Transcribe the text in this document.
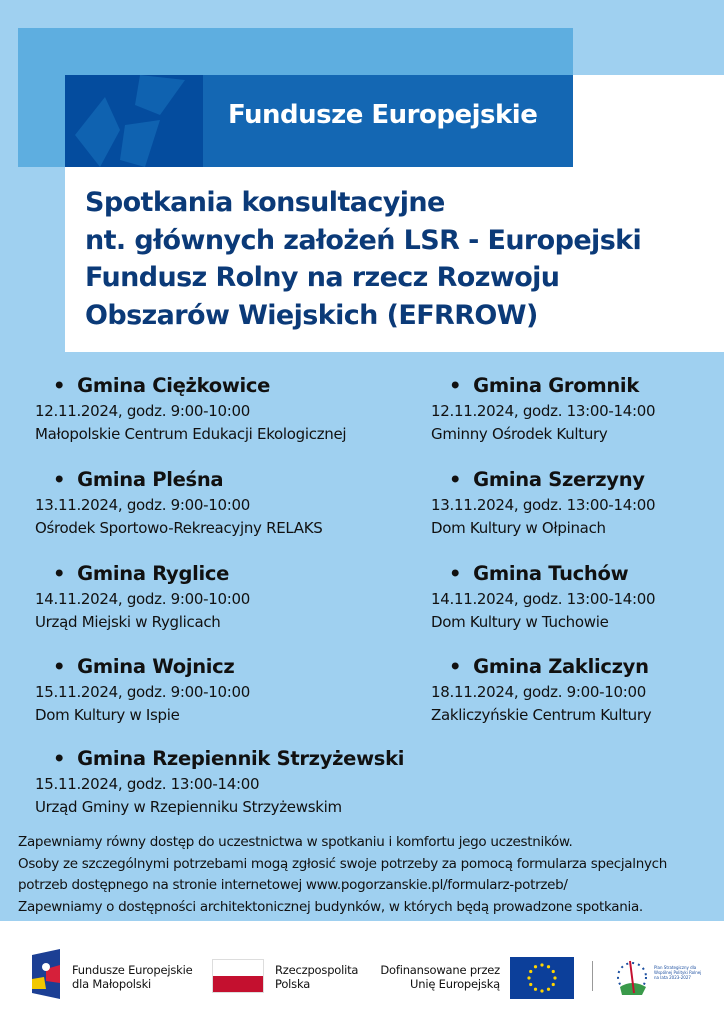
Fundusze Europejskie
Spotkania konsultacyjne
nt. głównych założeń LSR - Europejski
Fundusz Rolny na rzecz Rozwoju
Obszarów Wiejskich (EFRROW)
• Gmina Ciężkowice

12.11.2024, godz. 9:00-10:00

Małopolskie Centrum Edukacji Ekologicznej

• Gmina Gromnik

12.11.2024, godz. 13:00-14:00

Gminny Ośrodek Kultury

• Gmina Pleśna

13.11.2024, godz. 9:00-10:00

Ośrodek Sportowo-Rekreacyjny RELAKS

• Gmina Szerzyny

13.11.2024, godz. 13:00-14:00

Dom Kultury w Ołpinach

• Gmina Ryglice

14.11.2024, godz. 9:00-10:00

Urząd Miejski w Ryglicach

• Gmina Tuchów

14.11.2024, godz. 13:00-14:00

Dom Kultury w Tuchowie

• Gmina Wojnicz

15.11.2024, godz. 9:00-10:00

Dom Kultury w Ispie

• Gmina Zakliczyn

18.11.2024, godz. 9:00-10:00

Zakliczyńskie Centrum Kultury

• Gmina Rzepiennik Strzyżewski

15.11.2024, godz. 13:00-14:00

Urząd Gminy w Rzepienniku Strzyżewskim

Zapewniamy równy dostęp do uczestnictwa w spotkaniu i komfortu jego uczestników.
Osoby ze szczególnymi potrzebami mogą zgłosić swoje potrzeby za pomocą formularza specjalnych
potrzeb dostępnego na stronie internetowej www.pogorzanskie.pl/formularz-potrzeb/
Zapewniamy o dostępności architektonicznej budynków, w których będą prowadzone spotkania.
Fundusze Europejskie
dla Małopolski
Rzeczpospolita
Polska
Dofinansowane przez
Unię Europejską
Plan Strategiczny dla Wspólnej Polityki Rolnej na lata 2023-2027
